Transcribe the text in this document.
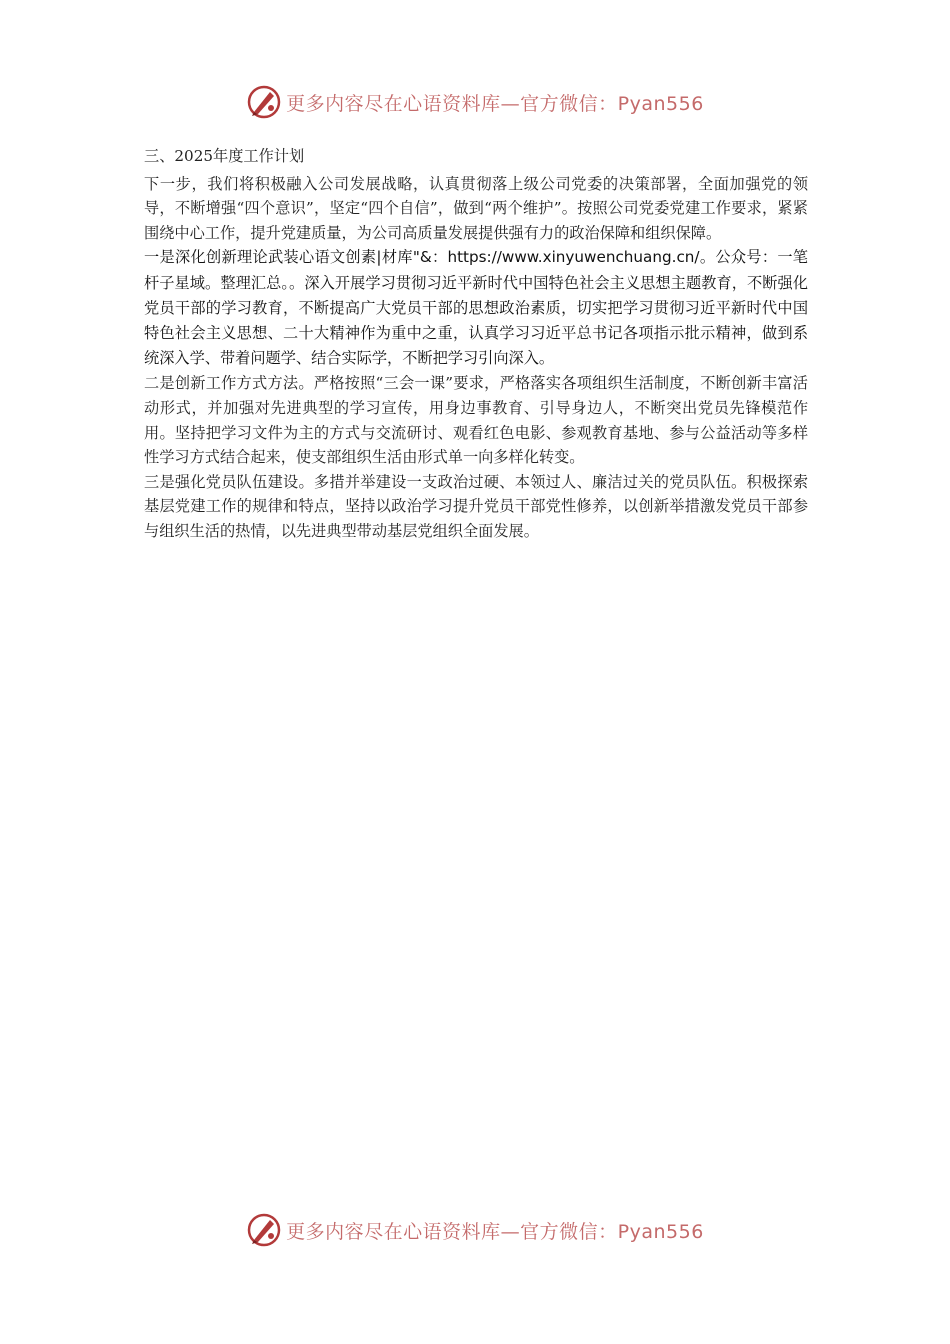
更多内容尽在心语资料库—官方微信：Pyan556

三、2025年度工作计划

下一步，我们将积极融入公司发展战略，认真贯彻落上级公司党委的决策部署，全面加强党的领导，不断增强“四个意识”，坚定“四个自信”，做到“两个维护”。按照公司党委党建工作要求，紧紧围绕中心工作，提升党建质量，为公司高质量发展提供强有力的政治保障和组织保障。

一是深化创新理论武装心语文创素|材库"&：https://www.xinyuwenchuang.cn/。公众号：一笔杆子星域。整理汇总。。深入开展学习贯彻习近平新时代中国特色社会主义思想主题教育，不断强化党员干部的学习教育，不断提高广大党员干部的思想政治素质，切实把学习贯彻习近平新时代中国特色社会主义思想、二十大精神作为重中之重，认真学习习近平总书记各项指示批示精神，做到系统深入学、带着问题学、结合实际学，不断把学习引向深入。

二是创新工作方式方法。严格按照“三会一课”要求，严格落实各项组织生活制度，不断创新丰富活动形式，并加强对先进典型的学习宣传，用身边事教育、引导身边人，不断突出党员先锋模范作用。坚持把学习文件为主的方式与交流研讨、观看红色电影、参观教育基地、参与公益活动等多样性学习方式结合起来，使支部组织生活由形式单一向多样化转变。

三是强化党员队伍建设。多措并举建设一支政治过硬、本领过人、廉洁过关的党员队伍。积极探索基层党建工作的规律和特点，坚持以政治学习提升党员干部党性修养，以创新举措激发党员干部参与组织生活的热情，以先进典型带动基层党组织全面发展。

更多内容尽在心语资料库—官方微信：Pyan556
